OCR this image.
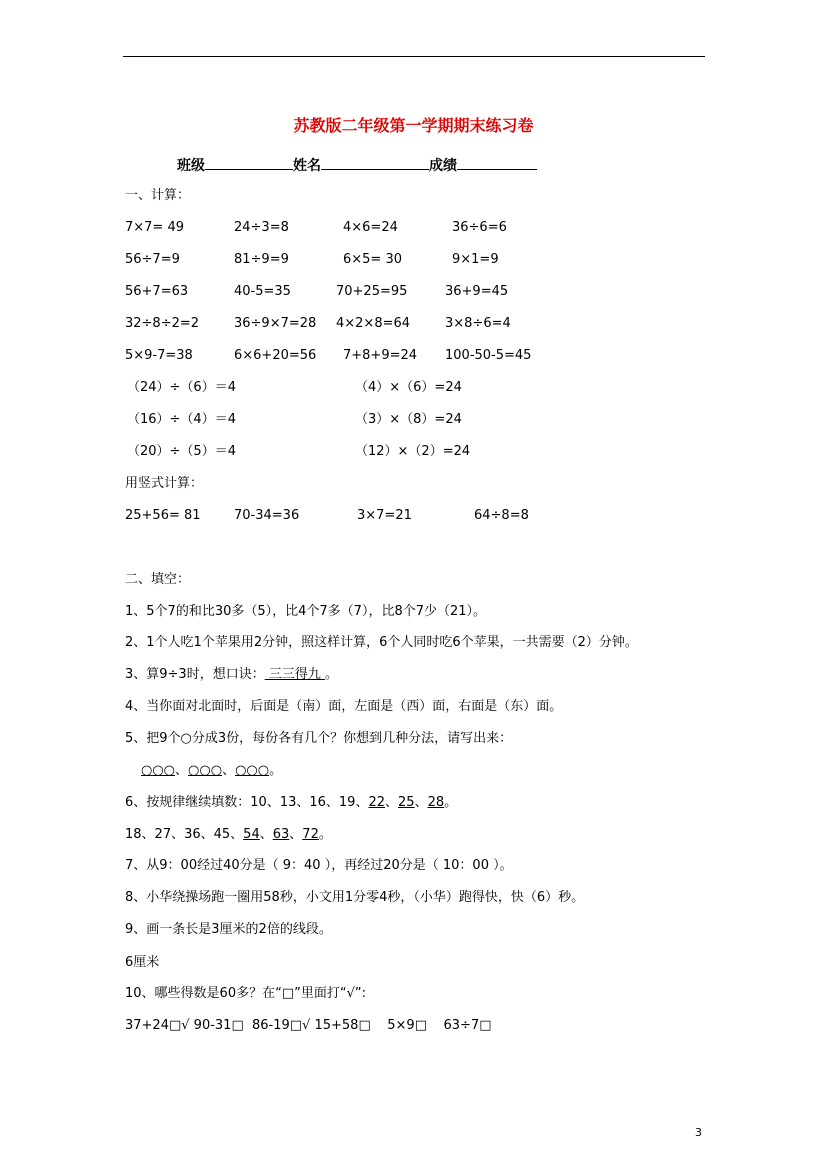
苏教版二年级第一学期期末练习卷
班级	姓名	成绩
一、计算：
7×7= 49	24÷3=8	4×6=24	36÷6=6
56÷7=9	81÷9=9	6×5= 30	9×1=9
56+7=63	40-5=35	70+25=95	36+9=45
32÷8÷2=2	36÷9×7=28 4×2×8=64	3×8÷6=4
5×9-7=38	6×6+20=56 7+8+9=24 100-50-5=45
（24）÷（6）＝4	（4）×（6）=24
（16）÷（4）＝4	（3）×（8）=24
（20）÷（5）＝4	（12）×（2）=24
用竖式计算：
25+56= 81	70-34=36	3×7=21	64÷8=8
二、填空：
1、5个7的和比30多（5），比4个7多（7），比8个7少（21）。
2、1个人吃1个苹果用2分钟，照这样计算，6个人同时吃6个苹果，一共需要（2）分钟。
3、算9÷3时，想口诀： 三三得九 。
4、当你面对北面时，后面是（南）面，左面是（西）面，右面是（东）面。
5、把9个○分成3份，每份各有几个？你想到几种分法，请写出来：
○○○、○○○、○○○。
6、按规律继续填数：10、13、16、19、22、25、28。
18、27、36、45、54、63、72。
7、从9：00经过40分是（ 9：40 ），再经过20分是（ 10：00 ）。
8、小华绕操场跑一圈用58秒，小文用1分零4秒，（小华）跑得快，快（6）秒。
9、画一条长是3厘米的2倍的线段。
6厘米
10、哪些得数是60多？在“□”里面打“√”:
37+24□√ 90-31□  86-19□√ 15+58□    5×9□    63÷7□
3
